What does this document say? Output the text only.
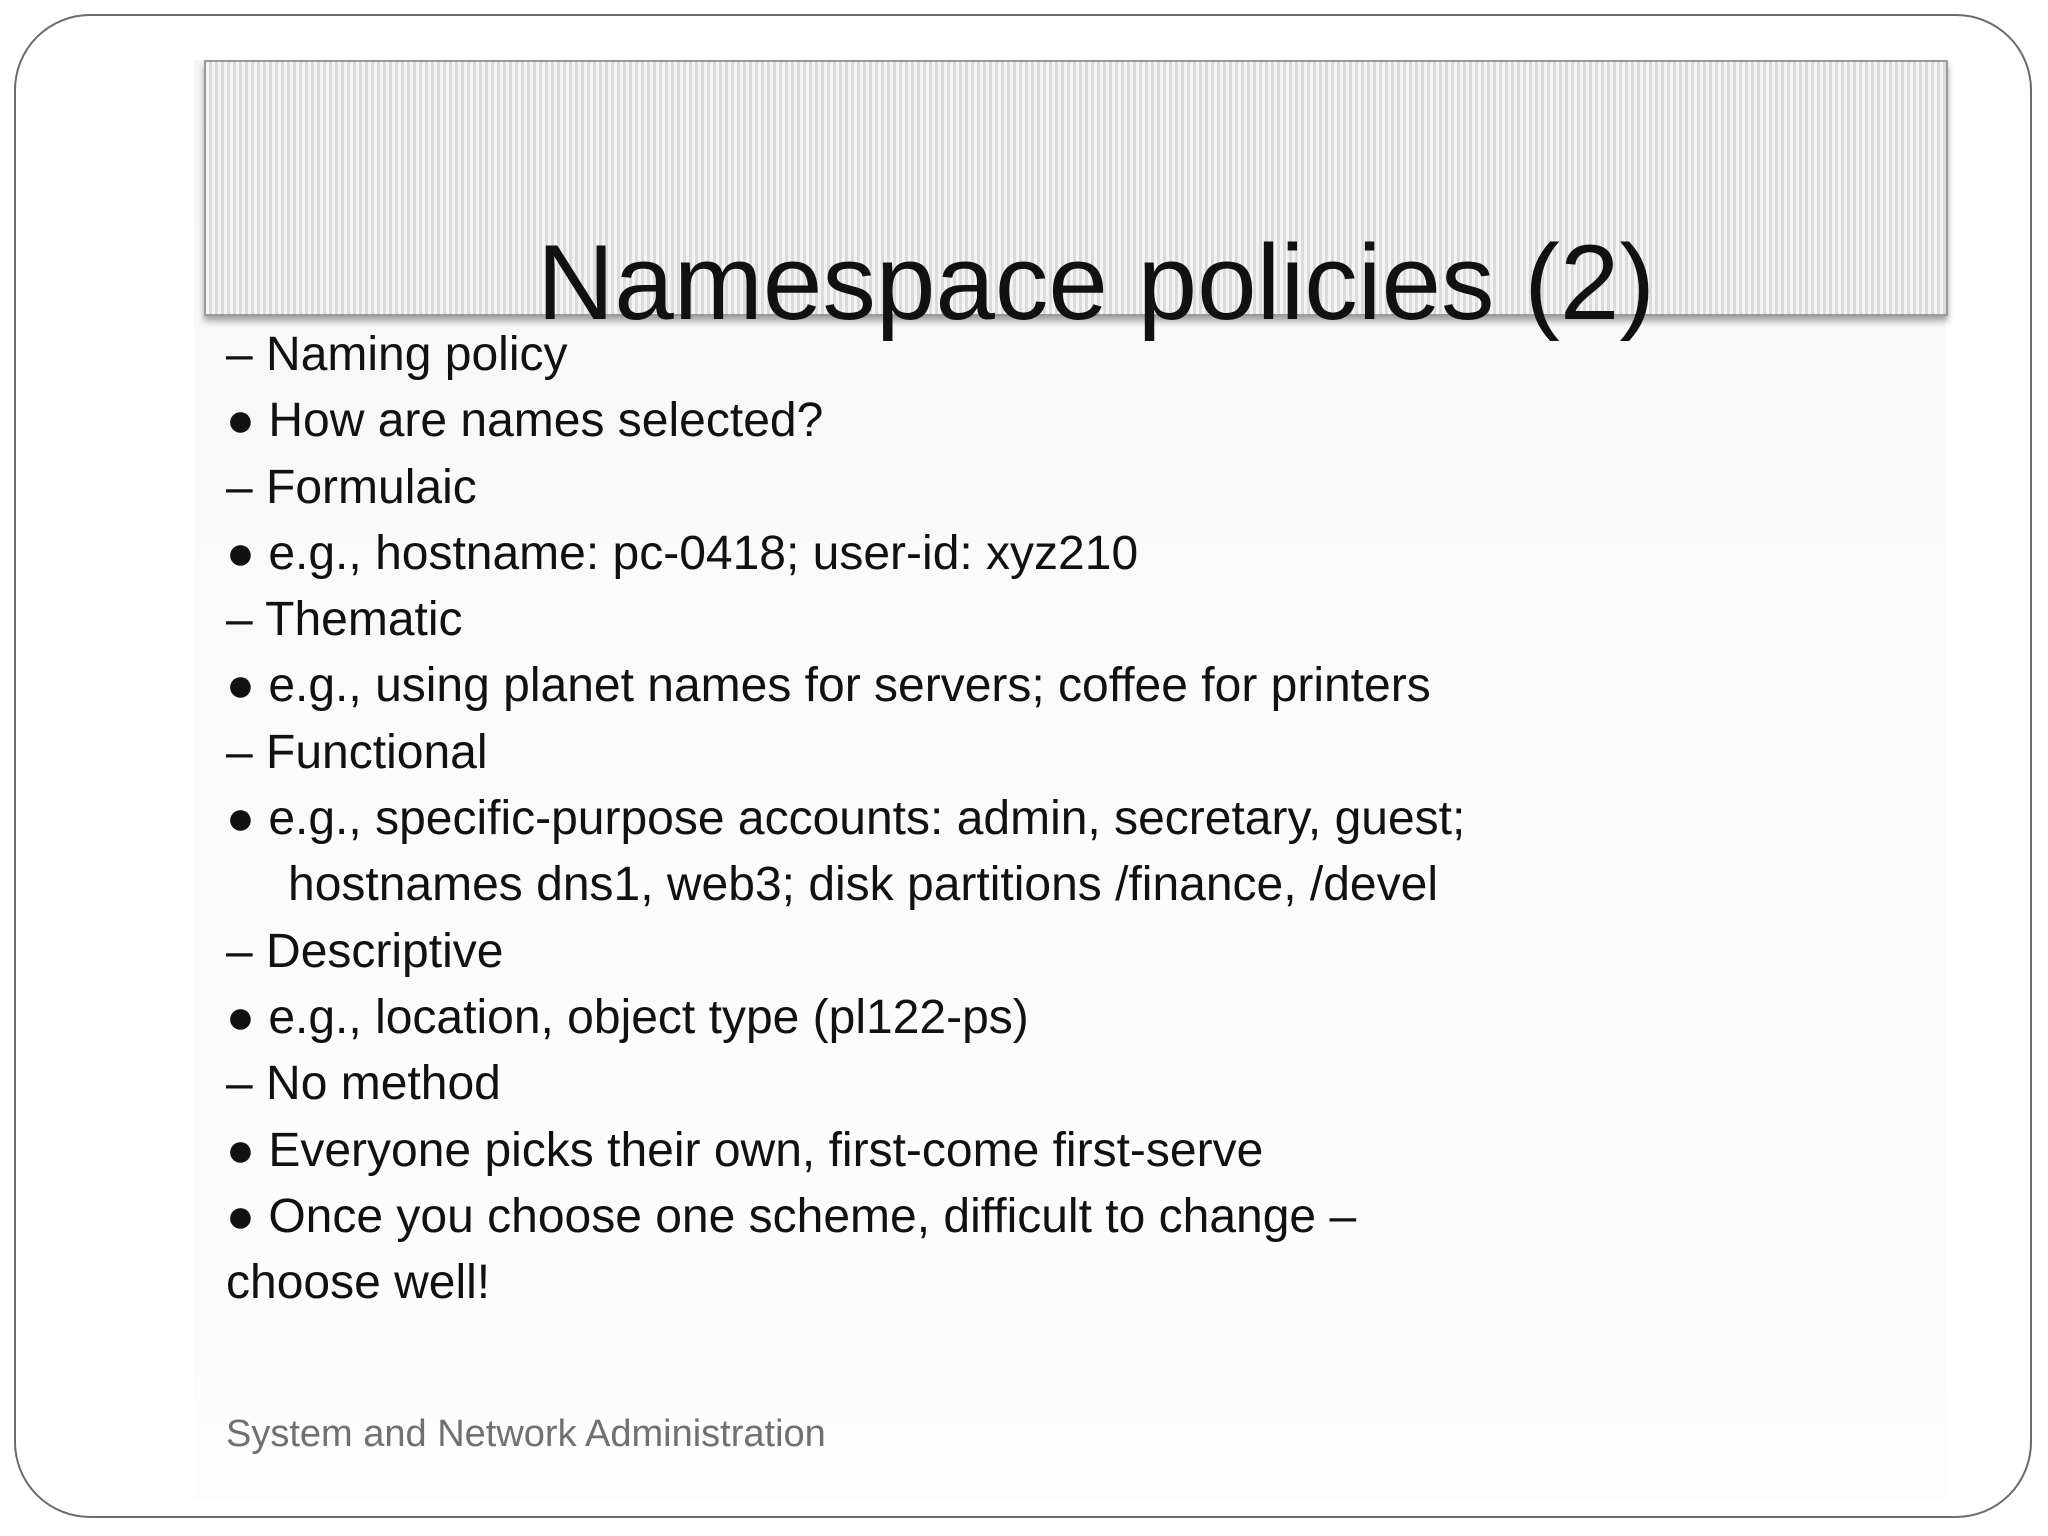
Namespace policies (2)
– Naming policy
● How are names selected?
– Formulaic
● e.g., hostname: pc-0418; user-id: xyz210
– Thematic
● e.g., using planet names for servers; coffee for printers
– Functional
● e.g., specific-purpose accounts: admin, secretary, guest;
hostnames dns1, web3; disk partitions /finance, /devel
– Descriptive
● e.g., location, object type (pl122-ps)
– No method
● Everyone picks their own, first-come first-serve
● Once you choose one scheme, difficult to change –
choose well!
System and Network Administration
